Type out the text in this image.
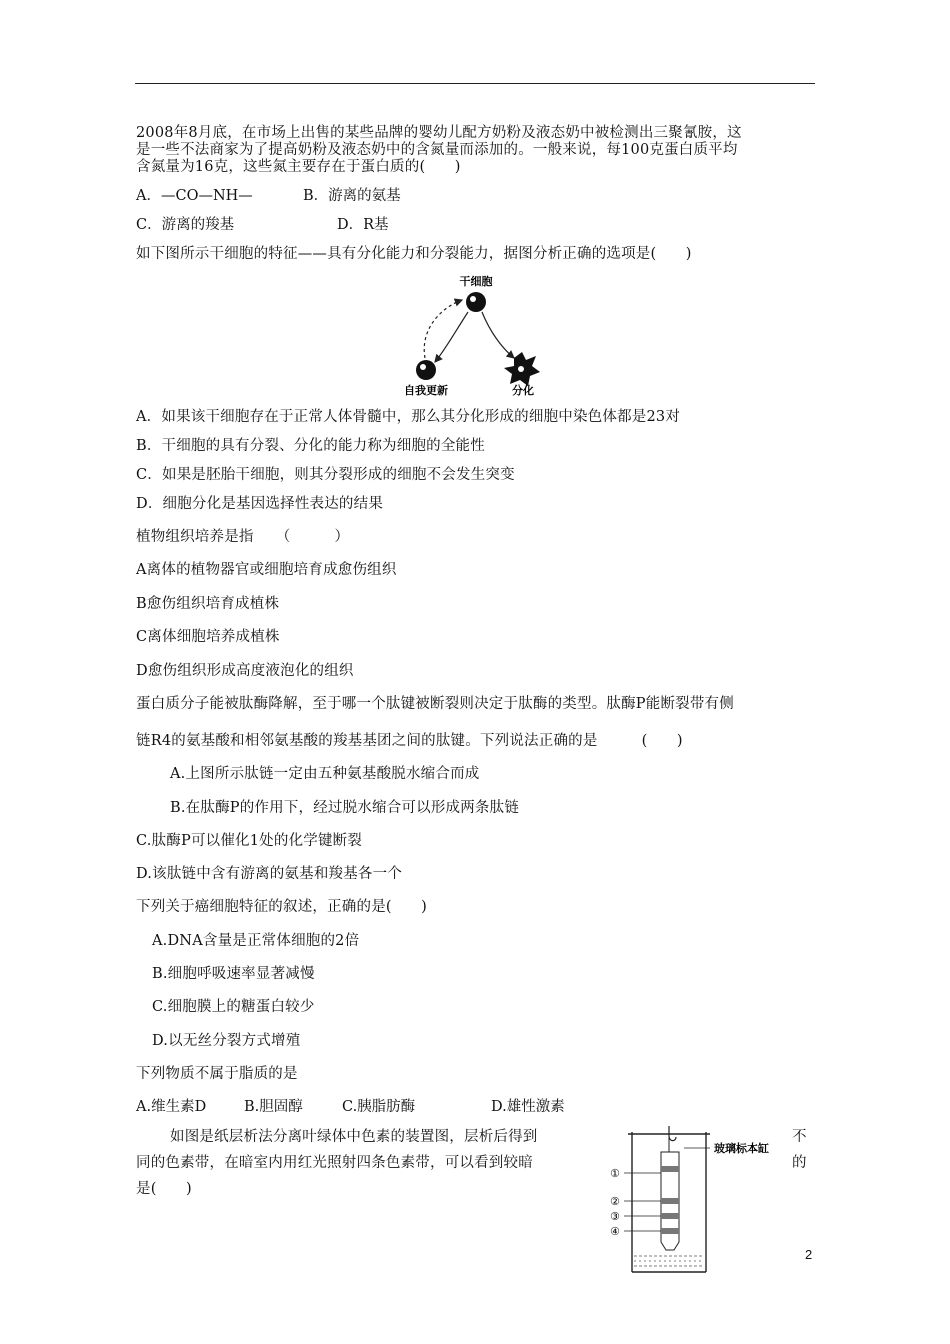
2008年8月底，在市场上出售的某些品牌的婴幼儿配方奶粉及液态奶中被检测出三聚氰胺，这
是一些不法商家为了提高奶粉及液态奶中的含氮量而添加的。一般来说，每100克蛋白质平均
含氮量为16克，这些氮主要存在于蛋白质的(　　)
A．—CO—NH—	B．游离的氨基
C．游离的羧基	D．R基
如下图所示干细胞的特征——具有分化能力和分裂能力，据图分析正确的选项是(　　)
干细胞
自我更新	分化
A．如果该干细胞存在于正常人体骨髓中，那么其分化形成的细胞中染色体都是23对
B．干细胞的具有分裂、分化的能力称为细胞的全能性
C．如果是胚胎干细胞，则其分裂形成的细胞不会发生突变
D．细胞分化是基因选择性表达的结果
植物组织培养是指　　（　　　）
A离体的植物器官或细胞培育成愈伤组织
B愈伤组织培育成植株
C离体细胞培养成植株
D愈伤组织形成高度液泡化的组织
蛋白质分子能被肽酶降解，至于哪一个肽键被断裂则决定于肽酶的类型。肽酶P能断裂带有侧
链R4的氨基酸和相邻氨基酸的羧基基团之间的肽键。下列说法正确的是　　　(　　)
A.上图所示肽链一定由五种氨基酸脱水缩合而成
B.在肽酶P的作用下，经过脱水缩合可以形成两条肽链
C.肽酶P可以催化1处的化学键断裂
D.该肽链中含有游离的氨基和羧基各一个
下列关于癌细胞特征的叙述，正确的是(　　)
A.DNA含量是正常体细胞的2倍
B.细胞呼吸速率显著减慢
C.细胞膜上的糖蛋白较少
D.以无丝分裂方式增殖
下列物质不属于脂质的是
A.维生素D	B.胆固醇	C.胰脂肪酶	D.雄性激素
如图是纸层析法分离叶绿体中色素的装置图，层析后得到
同的色素带，在暗室内用红光照射四条色素带，可以看到较暗
是(　　)
不
的
①
②
③
④
玻璃标本缸
2
